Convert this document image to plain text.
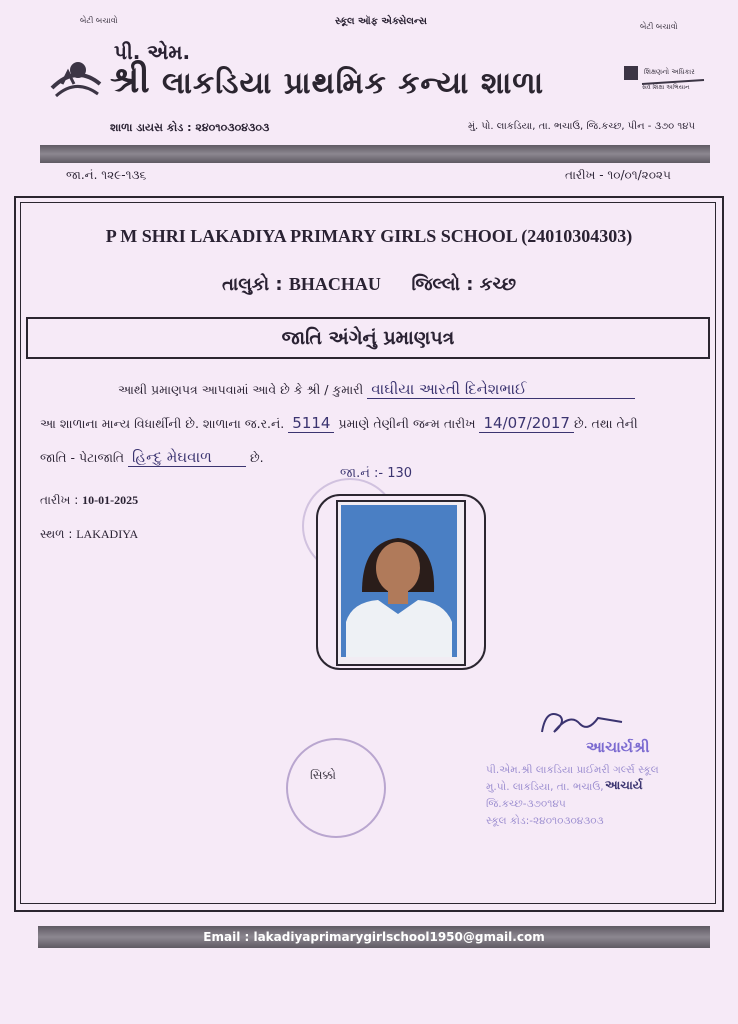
બેટી બચાવો	સ્કૂલ ઑફ એક્સેલન્સ	બેટી બચાવો
પી. એમ.
શ્રી લાકડિયા પ્રાથમિક કન્યા શાળા	શિક્ષણનો અધિકાર
સર્વ શિક્ષા અભિયાન
શાળા ડાયસ કોડ : ૨૪૦૧૦૩૦૪૩૦૩	મું. પો. લાકડિયા, તા. ભચાઉ, જિ.કચ્છ, પીન - ૩૭૦ ૧૪૫
જા.નં. ૧૨૯-૧૩૬	તારીખ - ૧૦/૦૧/૨૦૨૫
P M SHRI LAKADIYA PRIMARY GIRLS SCHOOL (24010304303)
તાલુકો : BHACHAU જિલ્લો : કચ્છ
જાતિ અંગેનું પ્રમાણપત્ર
આથી પ્રમાણપત્ર આપવામાં આવે છે કે શ્રી / કુમારી વાઘીયા આરતી દિનેશભાઈ
આ શાળાના માન્ય વિધાર્થીની છે. શાળાના જ.ર.નં. 5114 પ્રમાણે તેણીની જન્મ તારીખ 14/07/2017 છે. તથા તેની
જાતિ - પેટાજાતિ હિન્દુ મેઘવાળ	છે.
જા.નં :- 130
તારીખ : 10-01-2025
સ્થળ : LAKADIYA
આચાર્યશ્રી
પી.એમ.શ્રી લાકડિયા પ્રાઈમરી ગર્લ્સ સ્કૂલ
મુ.પો. લાકડિયા, તા. ભચાઉ, જિ.કચ્છ-૩૭૦૧૪૫
સ્કૂલ કોડ:-૨૪૦૧૦૩૦૪૩૦૩
આચાર્ય
સિક્કો
Email : lakadiyaprimarygirlschool1950@gmail.com
